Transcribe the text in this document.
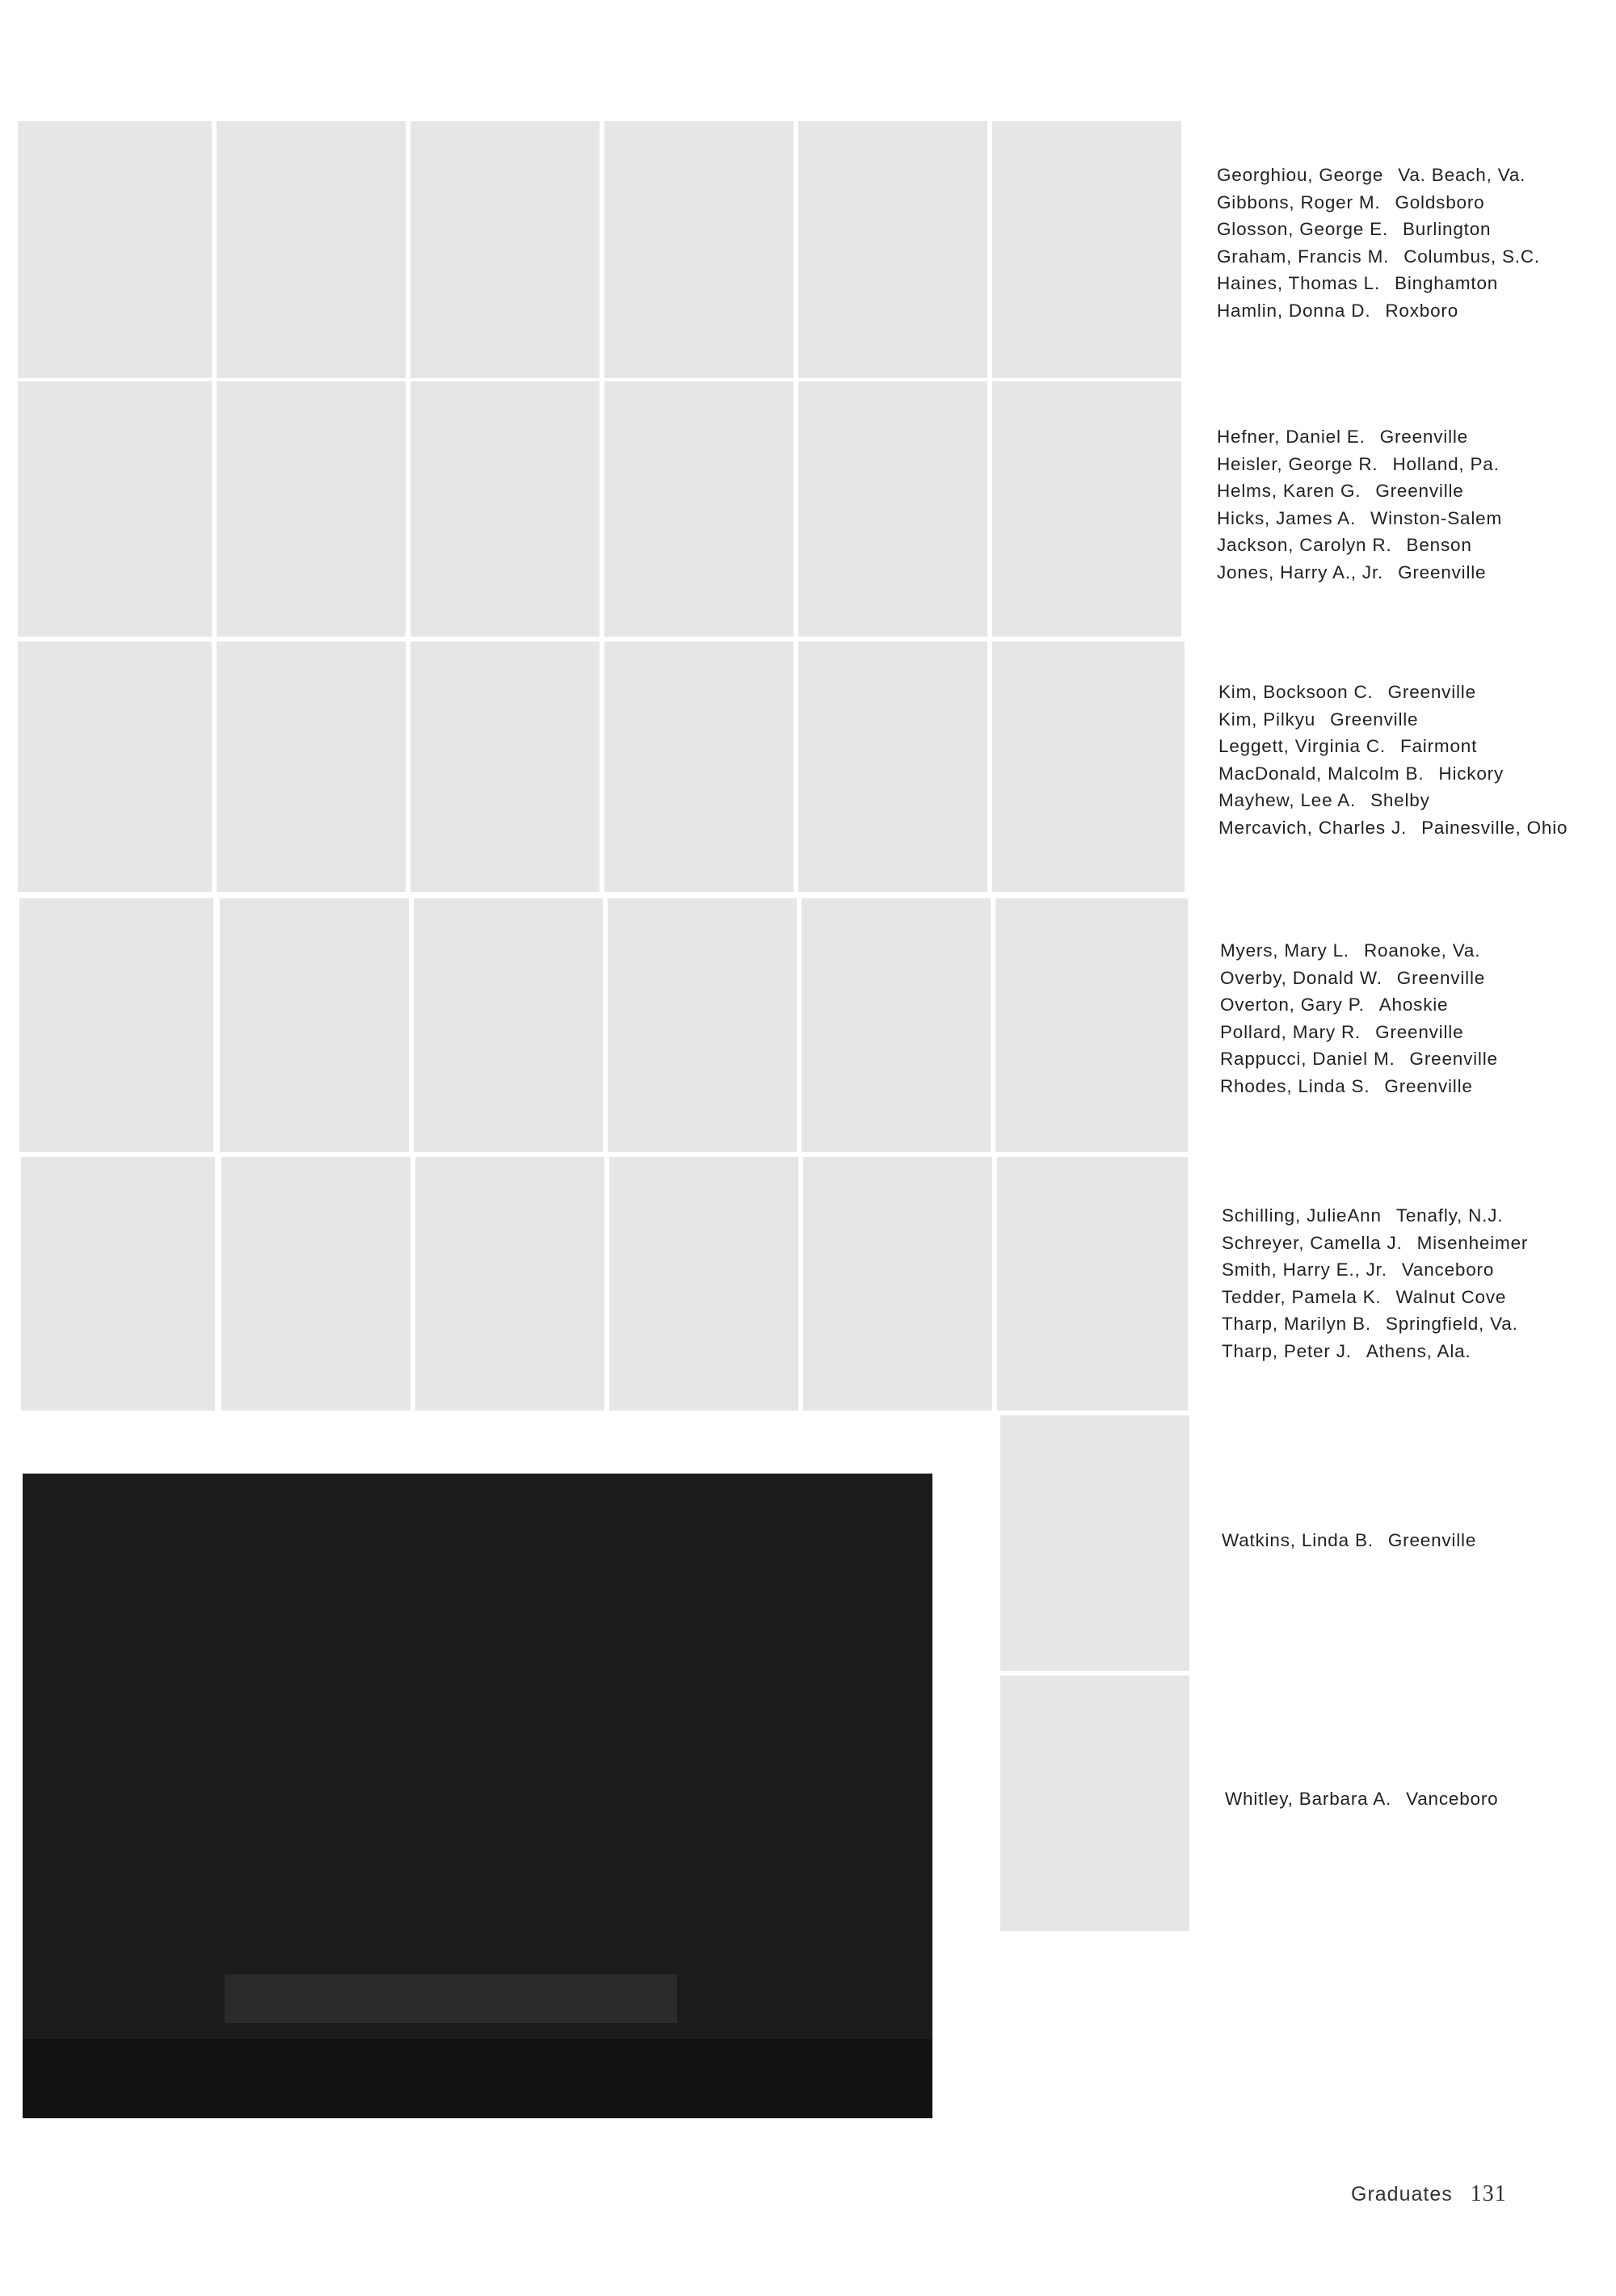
Georghiou, George Va. Beach, Va.
Gibbons, Roger M. Goldsboro
Glosson, George E. Burlington
Graham, Francis M. Columbus, S.C.
Haines, Thomas L. Binghamton
Hamlin, Donna D. Roxboro
Hefner, Daniel E. Greenville
Heisler, George R. Holland, Pa.
Helms, Karen G. Greenville
Hicks, James A. Winston-Salem
Jackson, Carolyn R. Benson
Jones, Harry A., Jr. Greenville
Kim, Bocksoon C. Greenville
Kim, Pilkyu Greenville
Leggett, Virginia C. Fairmont
MacDonald, Malcolm B. Hickory
Mayhew, Lee A. Shelby
Mercavich, Charles J. Painesville, Ohio
Myers, Mary L. Roanoke, Va.
Overby, Donald W. Greenville
Overton, Gary P. Ahoskie
Pollard, Mary R. Greenville
Rappucci, Daniel M. Greenville
Rhodes, Linda S. Greenville
Schilling, JulieAnn Tenafly, N.J.
Schreyer, Camella J. Misenheimer
Smith, Harry E., Jr. Vanceboro
Tedder, Pamela K. Walnut Cove
Tharp, Marilyn B. Springfield, Va.
Tharp, Peter J. Athens, Ala.
Watkins, Linda B. Greenville
Whitley, Barbara A. Vanceboro
Graduates 131
